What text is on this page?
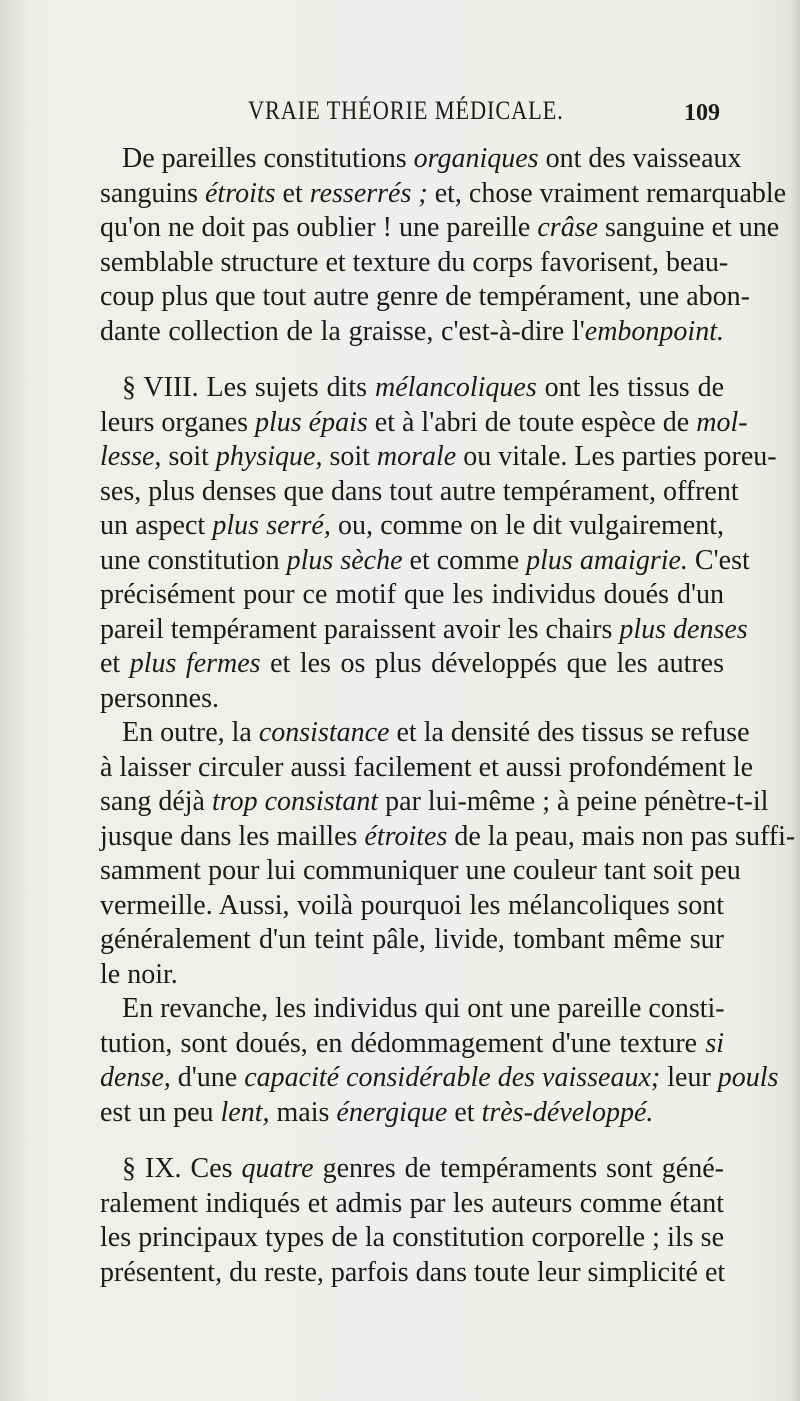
VRAIE THÉORIE MÉDICALE.	109
De pareilles constitutions organiques ont des vaisseaux
sanguins étroits et resserrés ; et, chose vraiment remarquable
qu'on ne doit pas oublier ! une pareille crâse sanguine et une
semblable structure et texture du corps favorisent, beau-
coup plus que tout autre genre de tempérament, une abon-
dante collection de la graisse, c'est-à-dire l'embonpoint.
§ VIII. Les sujets dits mélancoliques ont les tissus de
leurs organes plus épais et à l'abri de toute espèce de mol-
lesse, soit physique, soit morale ou vitale. Les parties poreu-
ses, plus denses que dans tout autre tempérament, offrent
un aspect plus serré, ou, comme on le dit vulgairement,
une constitution plus sèche et comme plus amaigrie. C'est
précisément pour ce motif que les individus doués d'un
pareil tempérament paraissent avoir les chairs plus denses
et plus fermes et les os plus développés que les autres
personnes.
En outre, la consistance et la densité des tissus se refuse
à laisser circuler aussi facilement et aussi profondément le
sang déjà trop consistant par lui-même ; à peine pénètre-t-il
jusque dans les mailles étroites de la peau, mais non pas suffi-
samment pour lui communiquer une couleur tant soit peu
vermeille. Aussi, voilà pourquoi les mélancoliques sont
généralement d'un teint pâle, livide, tombant même sur
le noir.
En revanche, les individus qui ont une pareille consti-
tution, sont doués, en dédommagement d'une texture si
dense, d'une capacité considérable des vaisseaux; leur pouls
est un peu lent, mais énergique et très-développé.
§ IX. Ces quatre genres de tempéraments sont géné-
ralement indiqués et admis par les auteurs comme étant
les principaux types de la constitution corporelle ; ils se
présentent, du reste, parfois dans toute leur simplicité et
